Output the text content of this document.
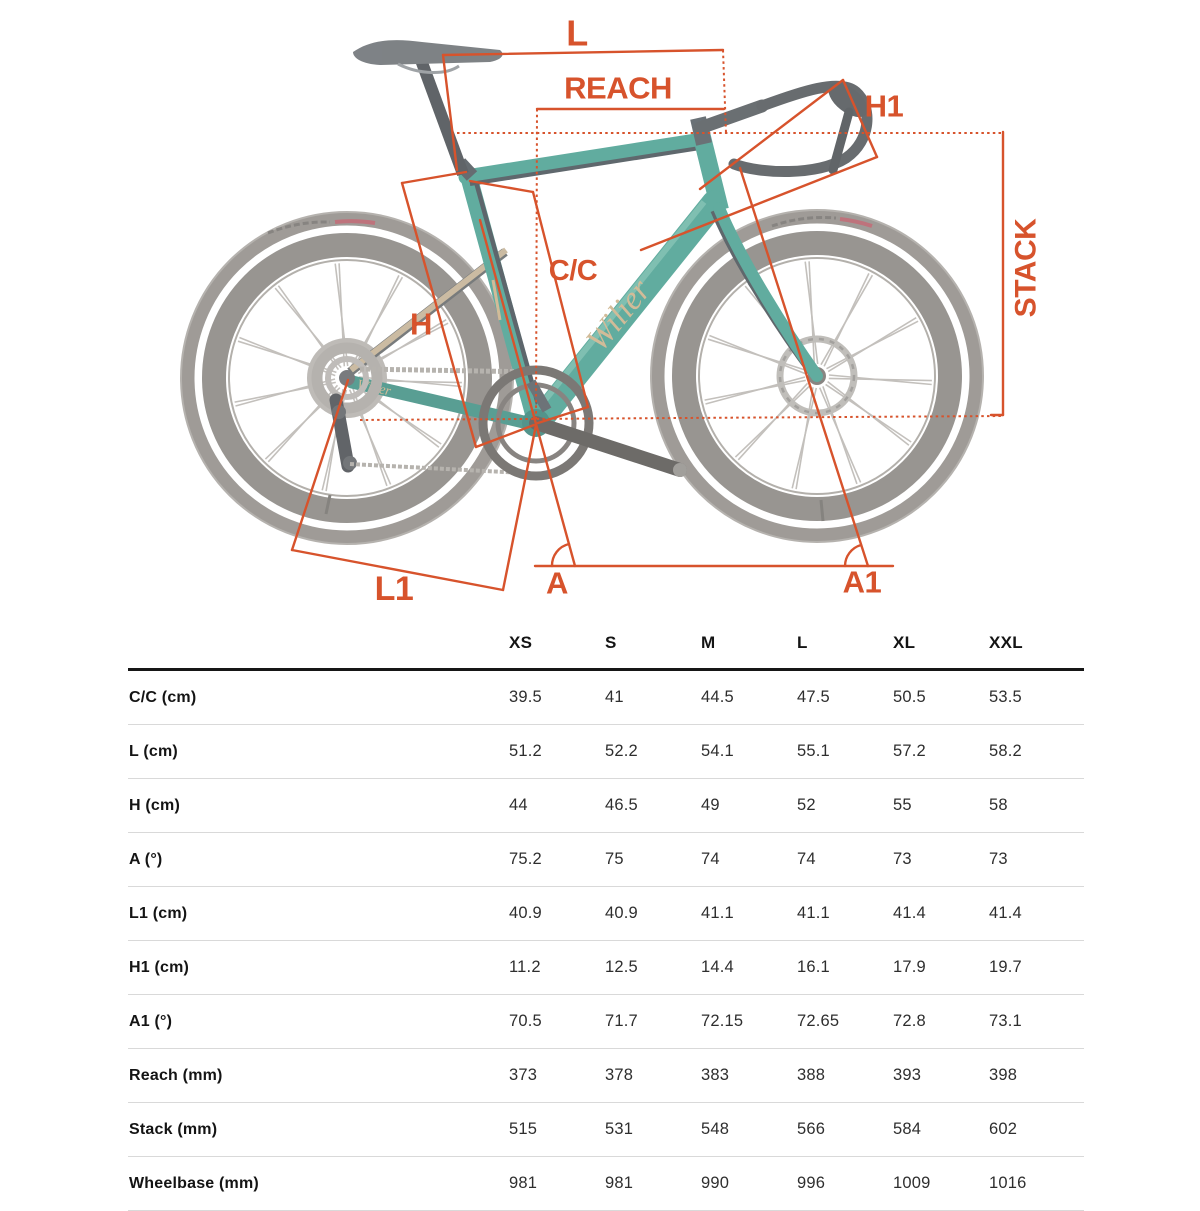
Wilier
Wilier
L
REACH
H1
C/C
H
STACK
L1	A	A1
	XS	S	M	L	XL	XXL
C/C (cm)	39.5	41	44.5	47.5	50.5	53.5
L (cm)	51.2	52.2	54.1	55.1	57.2	58.2
H (cm)	44	46.5	49	52	55	58
A (°)	75.2	75	74	74	73	73
L1 (cm)	40.9	40.9	41.1	41.1	41.4	41.4
H1 (cm)	11.2	12.5	14.4	16.1	17.9	19.7
A1 (°)	70.5	71.7	72.15	72.65	72.8	73.1
Reach (mm)	373	378	383	388	393	398
Stack (mm)	515	531	548	566	584	602
Wheelbase (mm)	981	981	990	996	1009	1016
